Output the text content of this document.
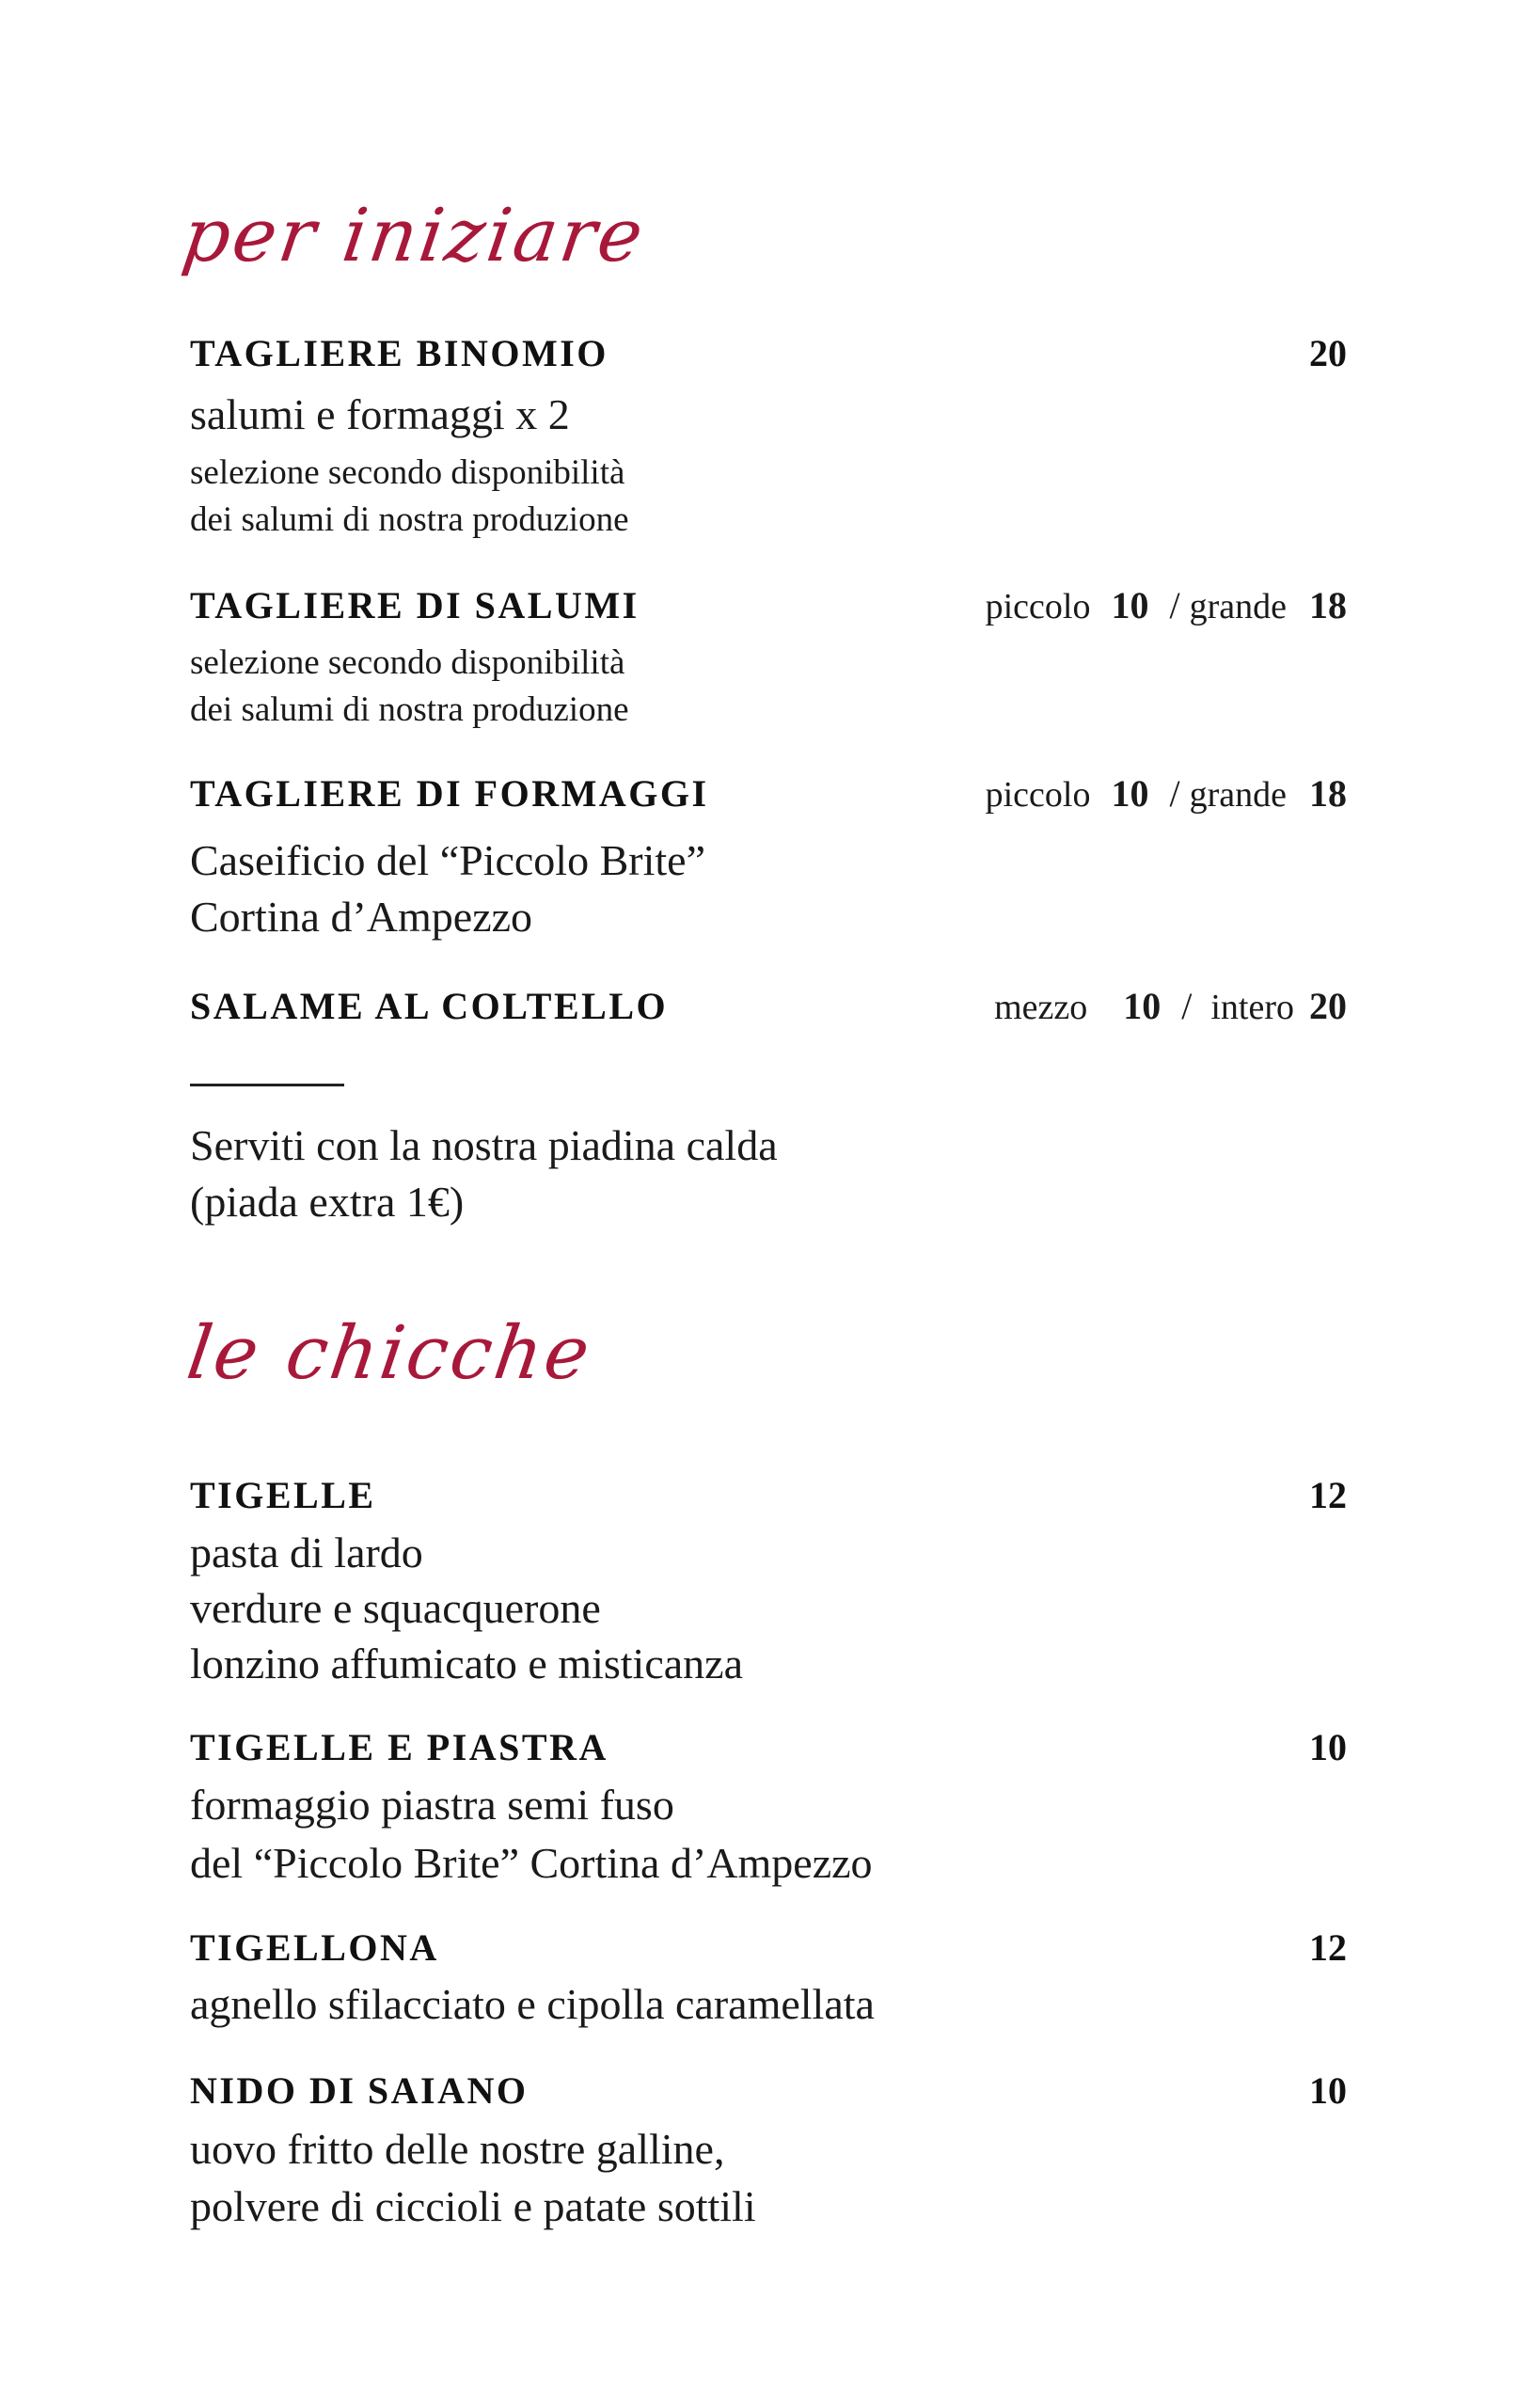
per iniziare
TAGLIERE BINOMIO	20
salumi e formaggi x 2
selezione secondo disponibilità
dei salumi di nostra produzione
TAGLIERE DI SALUMI	piccolo 10 / grande 18
selezione secondo disponibilità
dei salumi di nostra produzione
TAGLIERE DI FORMAGGI	piccolo 10 / grande 18
Caseificio del “Piccolo Brite”
Cortina d’Ampezzo
SALAME AL COLTELLO	mezzo 10 / intero 20
Serviti con la nostra piadina calda
(piada extra 1€)
le chicche
TIGELLE	12
pasta di lardo
verdure e squacquerone
lonzino affumicato e misticanza
TIGELLE E PIASTRA	10
formaggio piastra semi fuso
del “Piccolo Brite” Cortina d’Ampezzo
TIGELLONA	12
agnello sfilacciato e cipolla caramellata
NIDO DI SAIANO	10
uovo fritto delle nostre galline,
polvere di ciccioli e patate sottili
